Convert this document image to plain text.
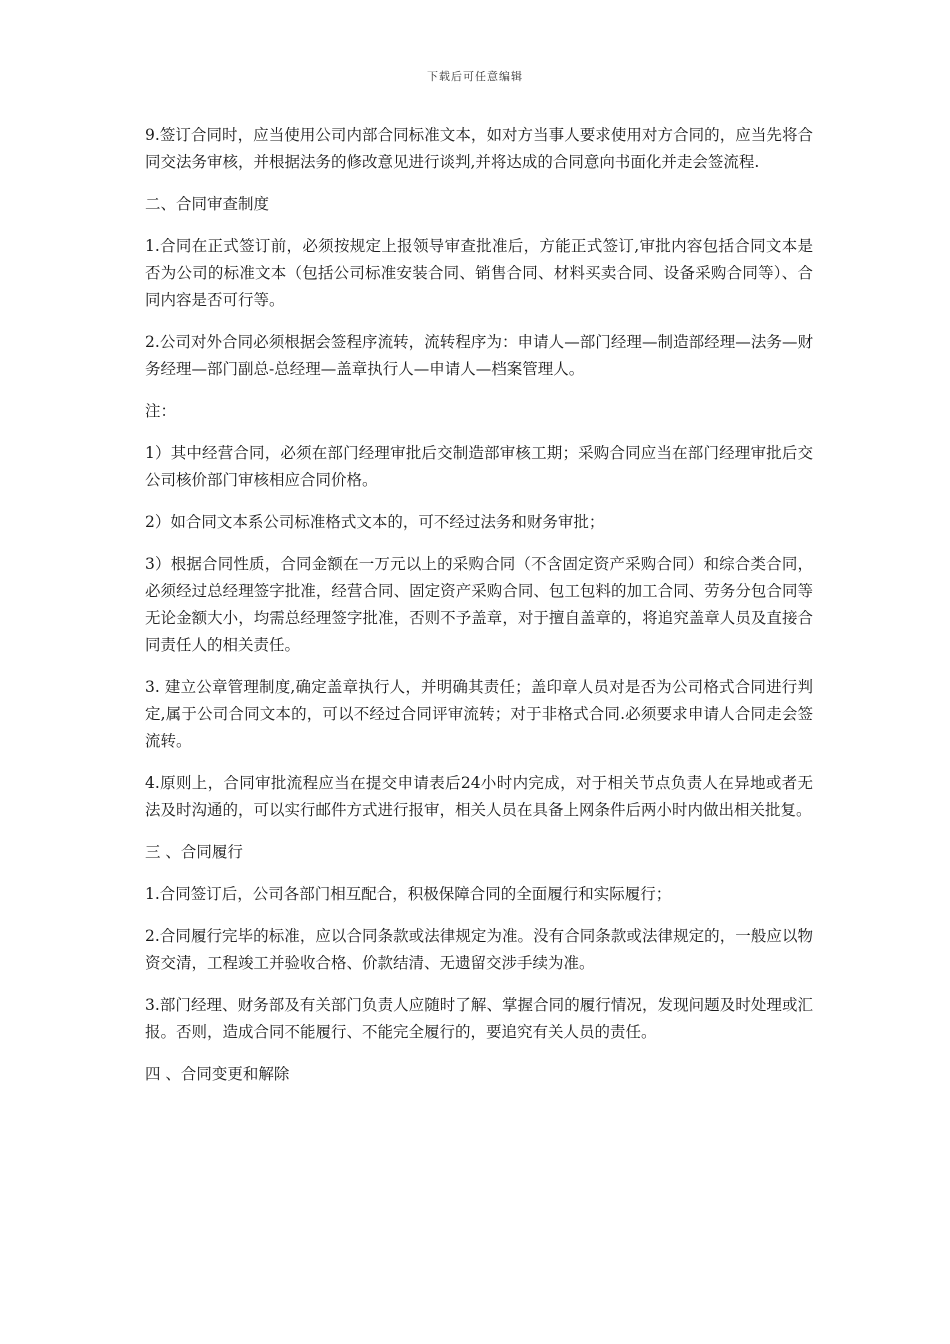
下载后可任意编辑

9.签订合同时，应当使用公司内部合同标准文本，如对方当事人要求使用对方合同的，应当先将合同交法务审核，并根据法务的修改意见进行谈判,并将达成的合同意向书面化并走会签流程.

二、合同审查制度

1.合同在正式签订前，必须按规定上报领导审查批准后，方能正式签订,审批内容包括合同文本是否为公司的标准文本（包括公司标准安装合同、销售合同、材料买卖合同、设备采购合同等）、合同内容是否可行等。

2.公司对外合同必须根据会签程序流转，流转程序为：申请人—部门经理—制造部经理—法务—财务经理—部门副总-总经理—盖章执行人—申请人—档案管理人。

注：

1）其中经营合同，必须在部门经理审批后交制造部审核工期；采购合同应当在部门经理审批后交公司核价部门审核相应合同价格。

2）如合同文本系公司标准格式文本的，可不经过法务和财务审批；

3）根据合同性质，合同金额在一万元以上的采购合同（不含固定资产采购合同）和综合类合同，必须经过总经理签字批准，经营合同、固定资产采购合同、包工包料的加工合同、劳务分包合同等无论金额大小，均需总经理签字批准，否则不予盖章，对于擅自盖章的，将追究盖章人员及直接合同责任人的相关责任。

3. 建立公章管理制度,确定盖章执行人，并明确其责任；盖印章人员对是否为公司格式合同进行判定,属于公司合同文本的，可以不经过合同评审流转；对于非格式合同.必须要求申请人合同走会签流转。

4.原则上，合同审批流程应当在提交申请表后24小时内完成，对于相关节点负责人在异地或者无法及时沟通的，可以实行邮件方式进行报审，相关人员在具备上网条件后两小时内做出相关批复。

三 、合同履行

1.合同签订后，公司各部门相互配合，积极保障合同的全面履行和实际履行；

2.合同履行完毕的标准，应以合同条款或法律规定为准。没有合同条款或法律规定的，一般应以物资交清，工程竣工并验收合格、价款结清、无遗留交涉手续为准。

3.部门经理、财务部及有关部门负责人应随时了解、掌握合同的履行情况，发现问题及时处理或汇报。否则，造成合同不能履行、不能完全履行的，要追究有关人员的责任。

四 、合同变更和解除
